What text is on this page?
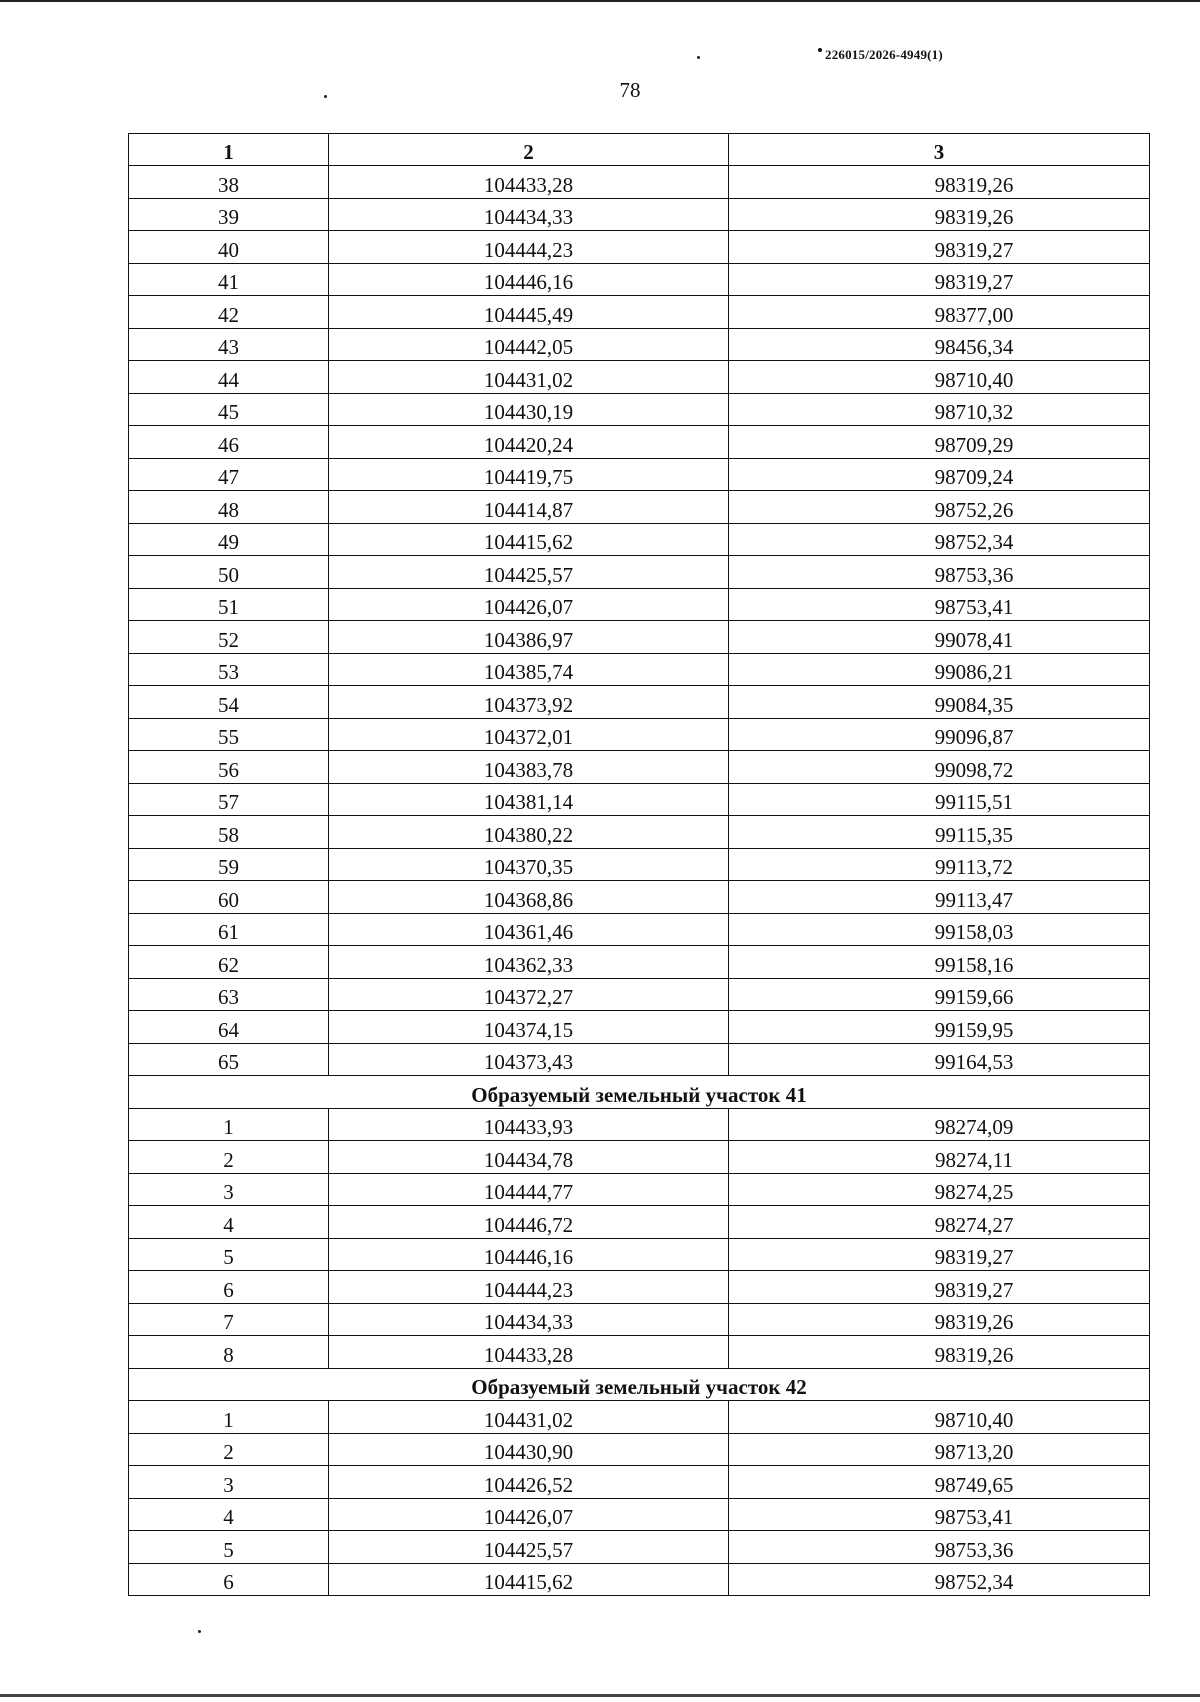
226015/2026-4949(1)
78
1	2	3
38	104433,28	98319,26
39	104434,33	98319,26
40	104444,23	98319,27
41	104446,16	98319,27
42	104445,49	98377,00
43	104442,05	98456,34
44	104431,02	98710,40
45	104430,19	98710,32
46	104420,24	98709,29
47	104419,75	98709,24
48	104414,87	98752,26
49	104415,62	98752,34
50	104425,57	98753,36
51	104426,07	98753,41
52	104386,97	99078,41
53	104385,74	99086,21
54	104373,92	99084,35
55	104372,01	99096,87
56	104383,78	99098,72
57	104381,14	99115,51
58	104380,22	99115,35
59	104370,35	99113,72
60	104368,86	99113,47
61	104361,46	99158,03
62	104362,33	99158,16
63	104372,27	99159,66
64	104374,15	99159,95
65	104373,43	99164,53
Образуемый земельный участок 41		
1	104433,93	98274,09
2	104434,78	98274,11
3	104444,77	98274,25
4	104446,72	98274,27
5	104446,16	98319,27
6	104444,23	98319,27
7	104434,33	98319,26
8	104433,28	98319,26
Образуемый земельный участок 42		
1	104431,02	98710,40
2	104430,90	98713,20
3	104426,52	98749,65
4	104426,07	98753,41
5	104425,57	98753,36
6	104415,62	98752,34
